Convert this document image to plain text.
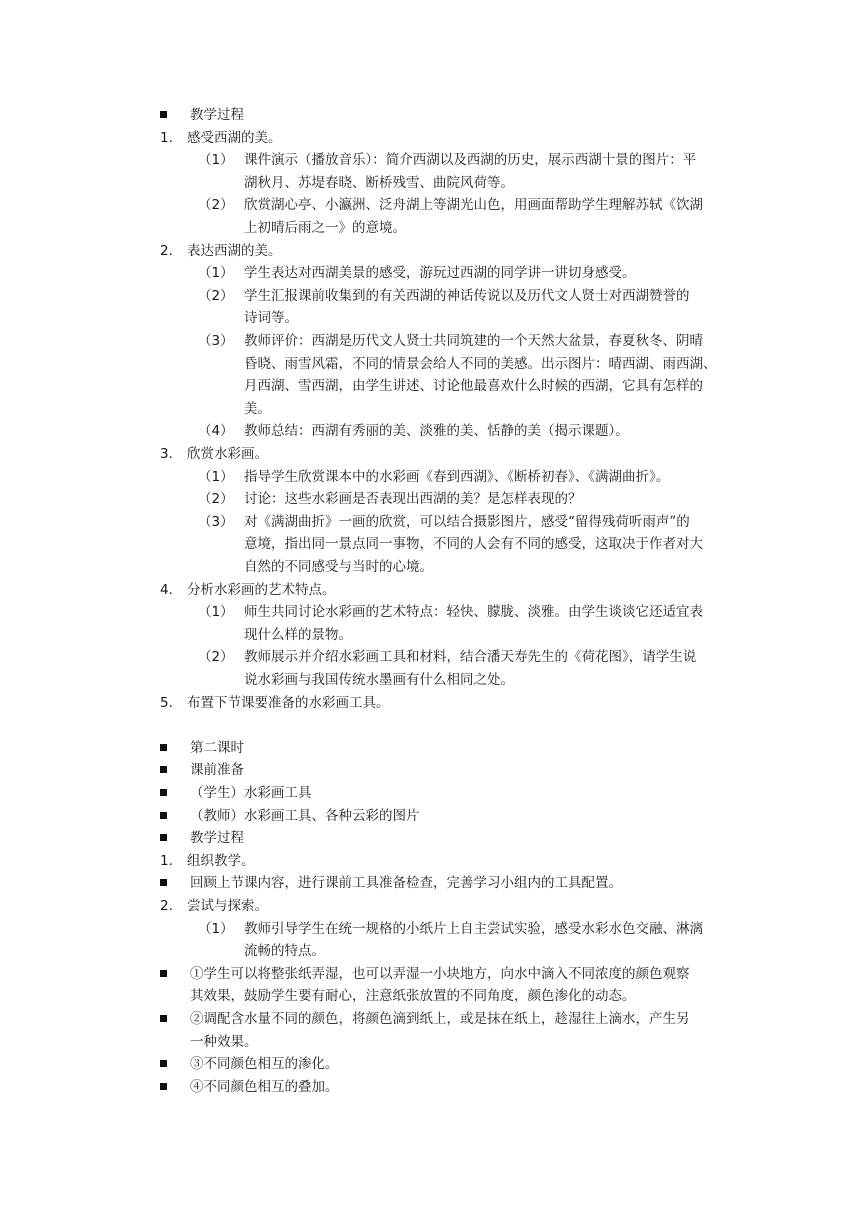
教学过程
1. 感受西湖的美。
（1） 课件演示（播放音乐）：简介西湖以及西湖的历史，展示西湖十景的图片：平
湖秋月、苏堤春晓、断桥残雪、曲院风荷等。
（2） 欣赏湖心亭、小瀛洲、泛舟湖上等湖光山色，用画面帮助学生理解苏轼《饮湖
上初晴后雨之一》的意境。
2. 表达西湖的美。
（1） 学生表达对西湖美景的感受，游玩过西湖的同学讲一讲切身感受。
（2） 学生汇报课前收集到的有关西湖的神话传说以及历代文人贤士对西湖赞誉的
诗词等。
（3） 教师评价：西湖是历代文人贤士共同筑建的一个天然大盆景，春夏秋冬、阴晴
昏晓、雨雪风霜，不同的情景会给人不同的美感。出示图片：晴西湖、雨西湖、
月西湖、雪西湖，由学生讲述、讨论他最喜欢什么时候的西湖，它具有怎样的
美。
（4） 教师总结：西湖有秀丽的美、淡雅的美、恬静的美（揭示课题）。
3. 欣赏水彩画。
（1） 指导学生欣赏课本中的水彩画《春到西湖》、《断桥初春》、《满湖曲折》。
（2） 讨论：这些水彩画是否表现出西湖的美？是怎样表现的？
（3） 对《满湖曲折》一画的欣赏，可以结合摄影图片，感受“留得残荷听雨声”的
意境，指出同一景点同一事物，不同的人会有不同的感受，这取决于作者对大
自然的不同感受与当时的心境。
4. 分析水彩画的艺术特点。
（1） 师生共同讨论水彩画的艺术特点：轻快、朦胧、淡雅。由学生谈谈它还适宜表
现什么样的景物。
（2） 教师展示并介绍水彩画工具和材料，结合潘天寿先生的《荷花图》，请学生说
说水彩画与我国传统水墨画有什么相同之处。
5. 布置下节课要准备的水彩画工具。
第二课时
课前准备
（学生）水彩画工具
（教师）水彩画工具、各种云彩的图片
教学过程
1. 组织教学。
回顾上节课内容，进行课前工具准备检查，完善学习小组内的工具配置。
2. 尝试与探索。
（1） 教师引导学生在统一规格的小纸片上自主尝试实验，感受水彩水色交融、淋漓
流畅的特点。
①学生可以将整张纸弄湿，也可以弄湿一小块地方，向水中滴入不同浓度的颜色观察
其效果，鼓励学生要有耐心，注意纸张放置的不同角度，颜色渗化的动态。
②调配含水量不同的颜色，将颜色滴到纸上，或是抹在纸上，趁湿往上滴水，产生另
一种效果。
③不同颜色相互的渗化。
④不同颜色相互的叠加。
